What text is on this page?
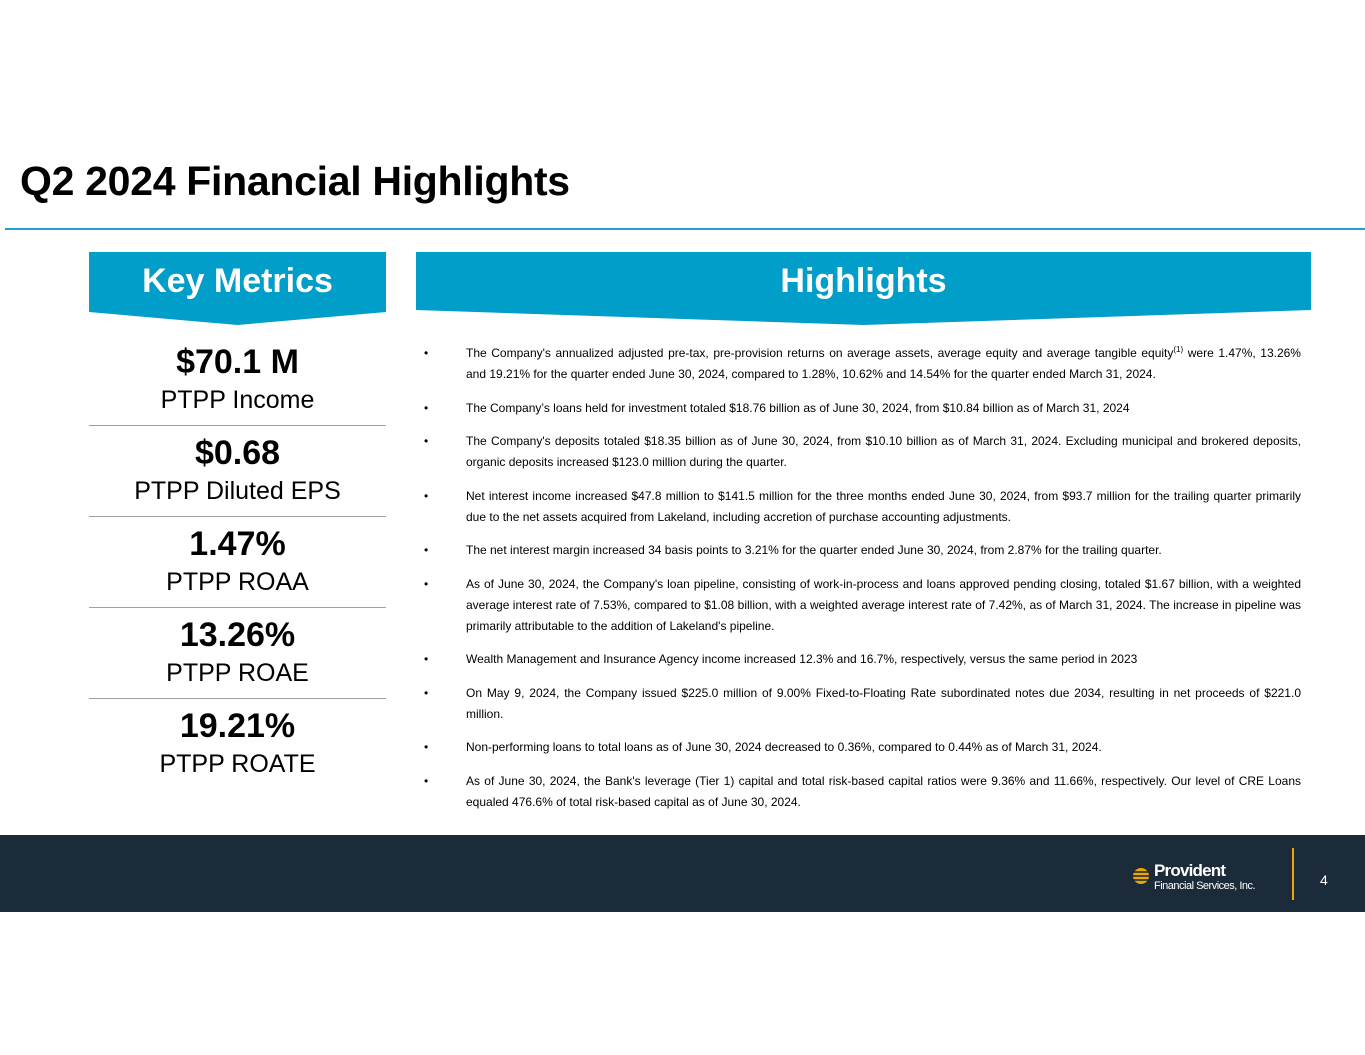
Q2 2024 Financial Highlights
Key Metrics	Highlights
$70.1 M
PTPP Income
$0.68
PTPP Diluted EPS
1.47%
PTPP ROAA
13.26%
PTPP ROAE
19.21%
PTPP ROATE
•	The Company's annualized adjusted pre-tax, pre-provision returns on average assets, average equity and average tangible equity$^{(1)}$ were 1.47%, 13.26% and 19.21% for the quarter ended June 30, 2024, compared to 1.28%, 10.62% and 14.54% for the quarter ended March 31, 2024.
•	The Company’s loans held for investment totaled $18.76 billion as of June 30, 2024, from $10.84 billion as of March 31, 2024
•	The Company's deposits totaled $18.35 billion as of June 30, 2024, from $10.10 billion as of March 31, 2024. Excluding municipal and brokered deposits, organic deposits increased $123.0 million during the quarter.
•	Net interest income increased $47.8 million to $141.5 million for the three months ended June 30, 2024, from $93.7 million for the trailing quarter primarily due to the net assets acquired from Lakeland, including accretion of purchase accounting adjustments.
•	The net interest margin increased 34 basis points to 3.21% for the quarter ended June 30, 2024, from 2.87% for the trailing quarter.
•	As of June 30, 2024, the Company's loan pipeline, consisting of work-in-process and loans approved pending closing, totaled $1.67 billion, with a weighted average interest rate of 7.53%, compared to $1.08 billion, with a weighted average interest rate of 7.42%, as of March 31, 2024. The increase in pipeline was primarily attributable to the addition of Lakeland's pipeline.
•	Wealth Management and Insurance Agency income increased 12.3% and 16.7%, respectively, versus the same period in 2023
•	On May 9, 2024, the Company issued $225.0 million of 9.00% Fixed-to-Floating Rate subordinated notes due 2034, resulting in net proceeds of $221.0 million.
•	Non-performing loans to total loans as of June 30, 2024 decreased to 0.36%, compared to 0.44% as of March 31, 2024.
•	As of June 30, 2024, the Bank's leverage (Tier 1) capital and total risk-based capital ratios were 9.36% and 11.66%, respectively. Our level of CRE Loans equaled 476.6% of total risk-based capital as of June 30, 2024.
Provident
Financial Services, Inc.	4
